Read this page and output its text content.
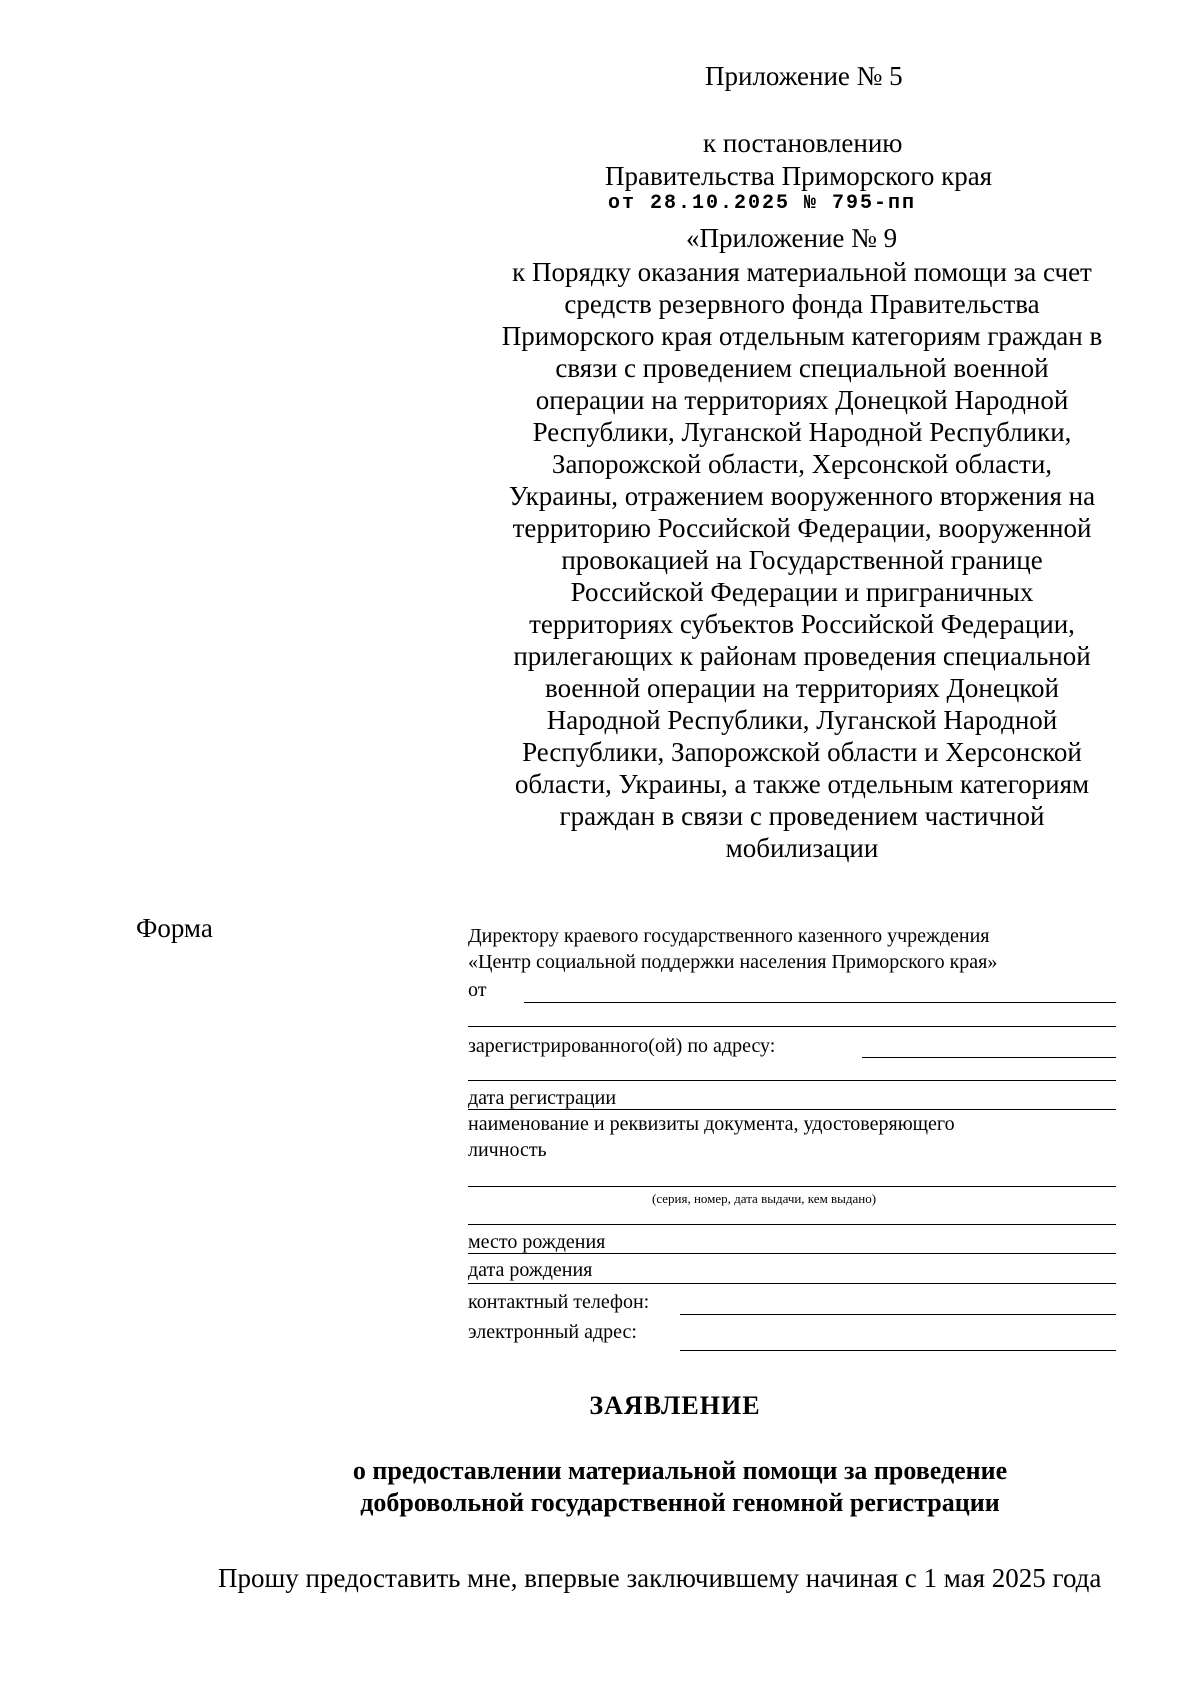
Приложение № 5
к постановлению
Правительства Приморского края
от 28.10.2025 № 795-пп
«Приложение № 9
к Порядку оказания материальной помощи за счет
средств резервного фонда Правительства
Приморского края отдельным категориям граждан в
связи с проведением специальной военной
операции на территориях Донецкой Народной
Республики, Луганской Народной Республики,
Запорожской области, Херсонской области,
Украины, отражением вооруженного вторжения на
территорию Российской Федерации, вооруженной
провокацией на Государственной границе
Российской Федерации и приграничных
территориях субъектов Российской Федерации,
прилегающих к районам проведения специальной
военной операции на территориях Донецкой
Народной Республики, Луганской Народной
Республики, Запорожской области и Херсонской
области, Украины, а также отдельным категориям
граждан в связи с проведением частичной
мобилизации
Форма	Директору краевого государственного казенного учреждения
«Центр социальной поддержки населения Приморского края»
от
зарегистрированного(ой) по адресу:
дата регистрации
наименование и реквизиты документа, удостоверяющего
личность
(серия, номер, дата выдачи, кем выдано)
место рождения
дата рождения
контактный телефон:
электронный адрес:
ЗАЯВЛЕНИЕ
о предоставлении материальной помощи за проведение
добровольной государственной геномной регистрации
Прошу предоставить мне, впервые заключившему начиная с 1 мая 2025 года
